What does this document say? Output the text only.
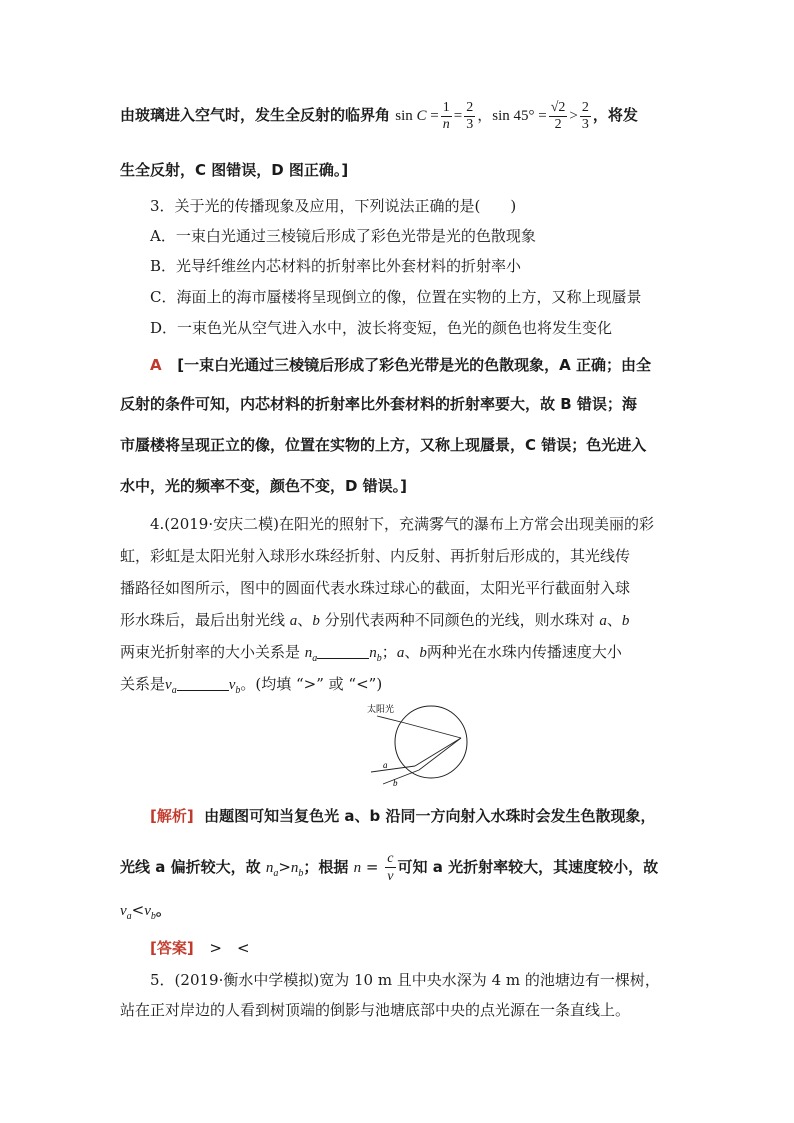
由玻璃进入空气时，发生全反射的临界角 $\sin C = \frac{1}{n} = \frac{2}{3}$ ，$\sin 45^\circ = \frac{√2}{2} > \frac{2}{3}$ ，将发
生全反射，C 图错误，D 图正确。]
3．关于光的传播现象及应用，下列说法正确的是(　　)
A．一束白光通过三棱镜后形成了彩色光带是光的色散现象
B．光导纤维丝内芯材料的折射率比外套材料的折射率小
C．海面上的海市蜃楼将呈现倒立的像，位置在实物的上方，又称上现蜃景
D．一束色光从空气进入水中，波长将变短，色光的颜色也将发生变化
A [一束白光通过三棱镜后形成了彩色光带是光的色散现象，A 正确；由全
反射的条件可知，内芯材料的折射率比外套材料的折射率要大，故 B 错误；海
市蜃楼将呈现正立的像，位置在实物的上方，又称上现蜃景，C 错误；色光进入
水中，光的频率不变，颜色不变，D 错误。]
4.(2019·安庆二模)在阳光的照射下，充满雾气的瀑布上方常会出现美丽的彩
虹，彩虹是太阳光射入球形水珠经折射、内反射、再折射后形成的，其光线传
播路径如图所示，图中的圆面代表水珠过球心的截面，太阳光平行截面射入球
形水珠后，最后出射光线 a、b 分别代表两种不同颜色的光线，则水珠对 a、b
两束光折射率的大小关系是 $n_a$	$n_b$；a、b两种光在水珠内传播速度大小
关系是$v_a$	$v_b$。(均填 “>” 或 “<”)
太阳光
a
b
[解析] 由题图可知当复色光 a、b 沿同一方向射入水珠时会发生色散现象，
光线 a 偏折较大，故 $n_a>n_b$；根据 $n = \frac{c}{v}$ 可知 a 光折射率较大，其速度较小，故
$v_a<v_b$。
[答案] >　<
5．(2019·衡水中学模拟)宽为 10 m 且中央水深为 4 m 的池塘边有一棵树，
站在正对岸边的人看到树顶端的倒影与池塘底部中央的点光源在一条直线上。
